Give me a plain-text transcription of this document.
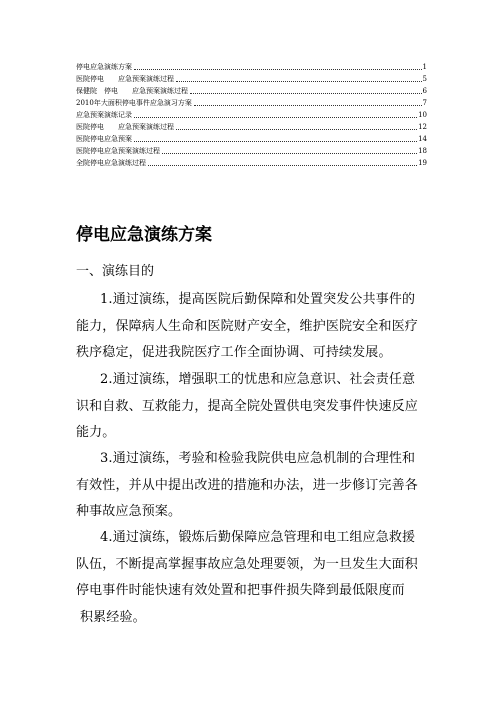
停电应急演练方案	1
医院停电　　应急预案演练过程	5
保健院　停电　　应急预案演练过程	6
2010年大面积停电事件应急演习方案	7
应急预案演练记录	10
医院停电　　应急预案演练过程	12
医院停电应急预案	14
医院停电应急预案演练过程	18
全院停电应急演练过程	19
停电应急演练方案
一、演练目的

1.通过演练，提高医院后勤保障和处置突发公共事件的
能力，保障病人生命和医院财产安全，维护医院安全和医疗
秩序稳定，促进我院医疗工作全面协调、可持续发展。

2.通过演练，增强职工的忧患和应急意识、社会责任意
识和自救、互救能力，提高全院处置供电突发事件快速反应
能力。

3.通过演练，考验和检验我院供电应急机制的合理性和
有效性，并从中提出改进的措施和办法，进一步修订完善各
种事故应急预案。

4.通过演练，锻炼后勤保障应急管理和电工组应急救援
队伍，不断提高掌握事故应急处理要领，为一旦发生大面积
停电事件时能快速有效处置和把事件损失降到最低限度而
积累经验。
